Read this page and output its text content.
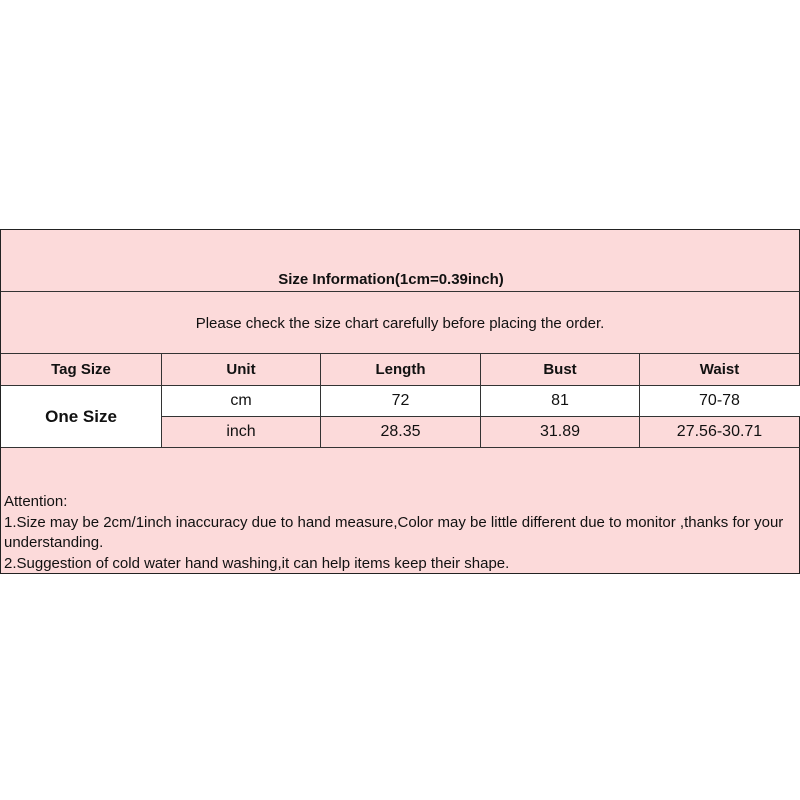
Size Information(1cm=0.39inch)
Please check the size chart carefully before placing the order.
Tag Size	Unit	Length	Bust	Waist
One Size
cm	72	81	70-78
inch	28.35	31.89	27.56-30.71
Attention:
1.Size may be 2cm/1inch inaccuracy due to hand measure,Color may be little different due to monitor ,thanks for your understanding.
2.Suggestion of cold water hand washing,it can help items keep their shape.
